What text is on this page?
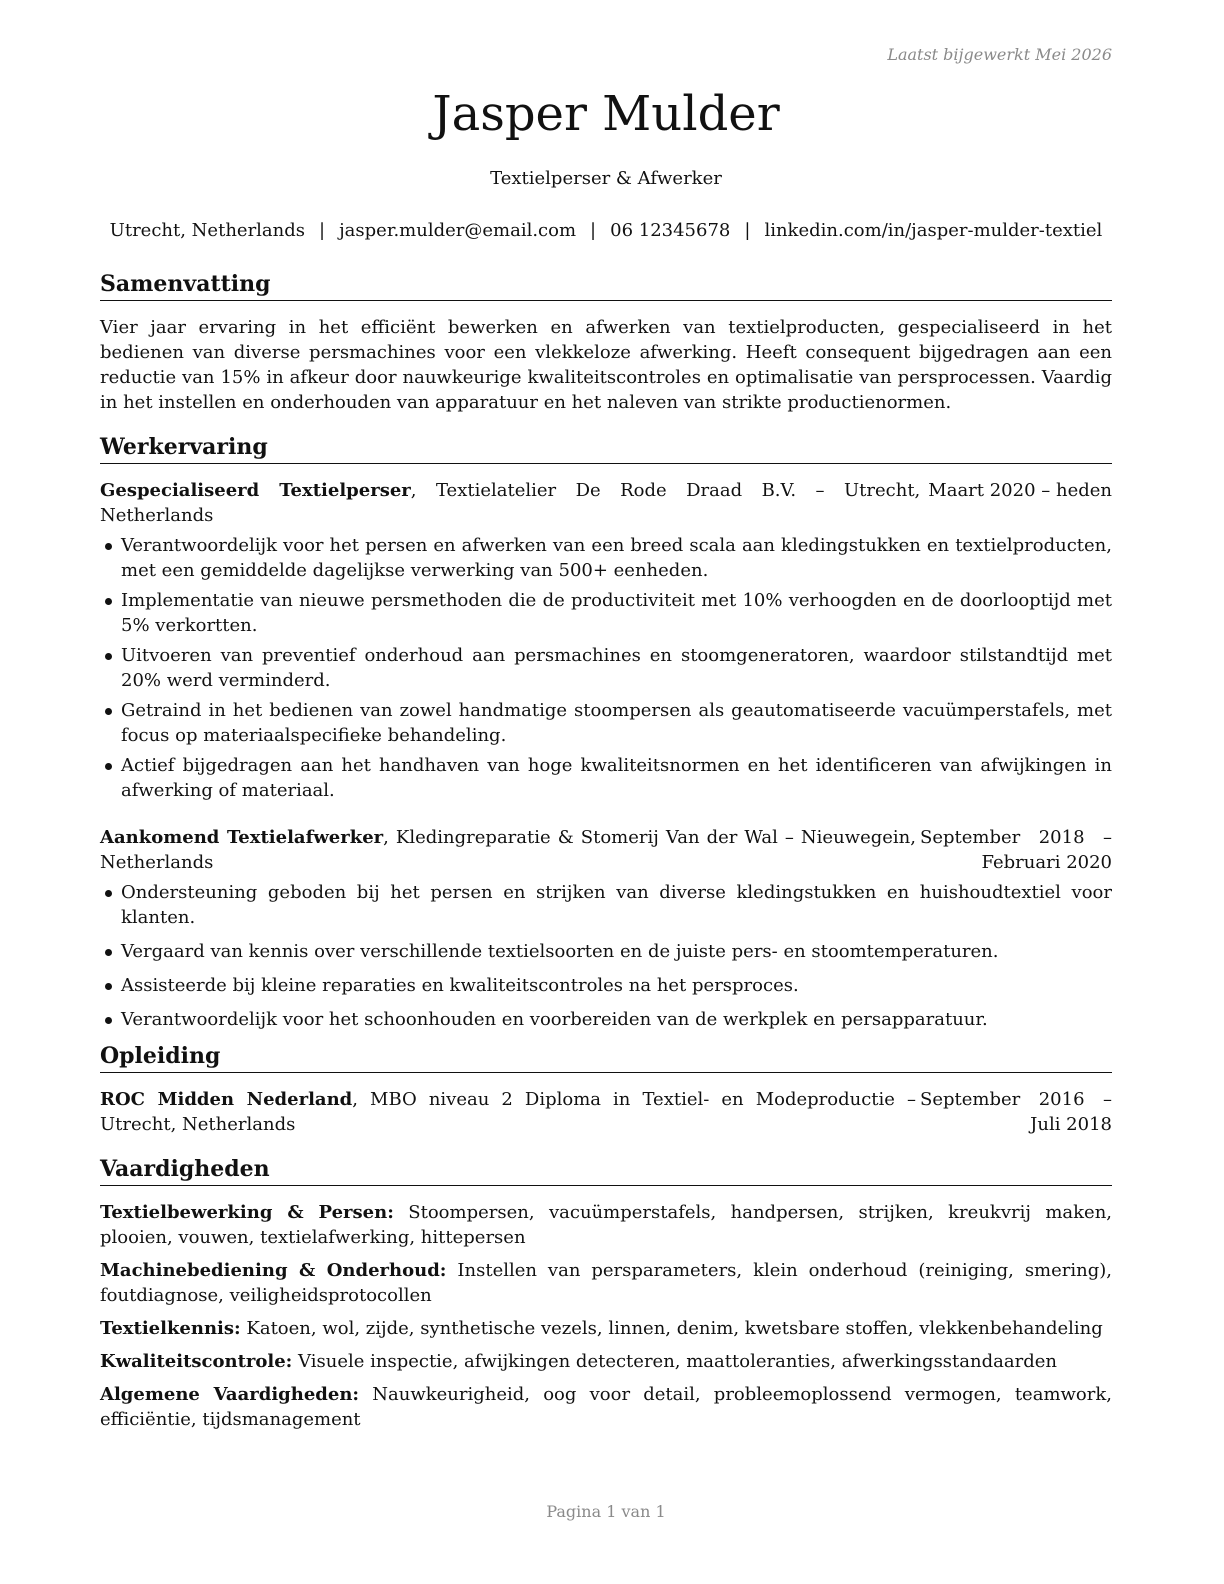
Laatst bijgewerkt Mei 2026
Jasper Mulder
Textielperser & Afwerker
Utrecht, Netherlands | jasper.mulder@email.com | 06 12345678 | linkedin.com/in/jasper-mulder-textiel
Samenvatting

Vier jaar ervaring in het efficiënt bewerken en afwerken van textielproducten, gespecialiseerd in het bedienen van diverse persmachines voor een vlekkeloze afwerking. Heeft consequent bijgedragen aan een reductie van 15% in afkeur door nauwkeurige kwaliteitscontroles en optimalisatie van persprocessen. Vaardig in het instellen en onderhouden van apparatuur en het naleven van strikte productienormen.

Werkervaring
Gespecialiseerd Textielperser, Textielatelier De Rode Draad B.V. – Utrecht, Netherlands
Maart 2020 – heden
Verantwoordelijk voor het persen en afwerken van een breed scala aan kledingstukken en textielproducten, met een gemiddelde dagelijkse verwerking van 500+ eenheden.
Implementatie van nieuwe persmethoden die de productiviteit met 10% verhoogden en de doorlooptijd met 5% verkortten.
Uitvoeren van preventief onderhoud aan persmachines en stoomgeneratoren, waardoor stilstandtijd met 20% werd verminderd.
Getraind in het bedienen van zowel handmatige stoompersen als geautomatiseerde vacuümperstafels, met focus op materiaalspecifieke behandeling.
Actief bijgedragen aan het handhaven van hoge kwaliteitsnormen en het identificeren van afwijkingen in afwerking of materiaal.
Aankomend Textielafwerker, Kledingreparatie & Stomerij Van der Wal – Nieuwegein, Netherlands
September 2018 – Februari 2020
Ondersteuning geboden bij het persen en strijken van diverse kledingstukken en huishoudtextiel voor klanten.
Vergaard van kennis over verschillende textielsoorten en de juiste pers- en stoomtemperaturen.
Assisteerde bij kleine reparaties en kwaliteitscontroles na het persproces.
Verantwoordelijk voor het schoonhouden en voorbereiden van de werkplek en persapparatuur.
Opleiding
ROC Midden Nederland, MBO niveau 2 Diploma in Textiel- en Modeproductie – Utrecht, Netherlands
September 2016 – Juli 2018
Vaardigheden
Textielbewerking & Persen: Stoompersen, vacuümperstafels, handpersen, strijken, kreukvrij maken, plooien, vouwen, textielafwerking, hittepersen
Machinebediening & Onderhoud: Instellen van persparameters, klein onderhoud (reiniging, smering), foutdiagnose, veiligheidsprotocollen
Textielkennis: Katoen, wol, zijde, synthetische vezels, linnen, denim, kwetsbare stoffen, vlekkenbehandeling
Kwaliteitscontrole: Visuele inspectie, afwijkingen detecteren, maattoleranties, afwerkingsstandaarden
Algemene Vaardigheden: Nauwkeurigheid, oog voor detail, probleemoplossend vermogen, teamwork, efficiëntie, tijdsmanagement
Pagina 1 van 1
